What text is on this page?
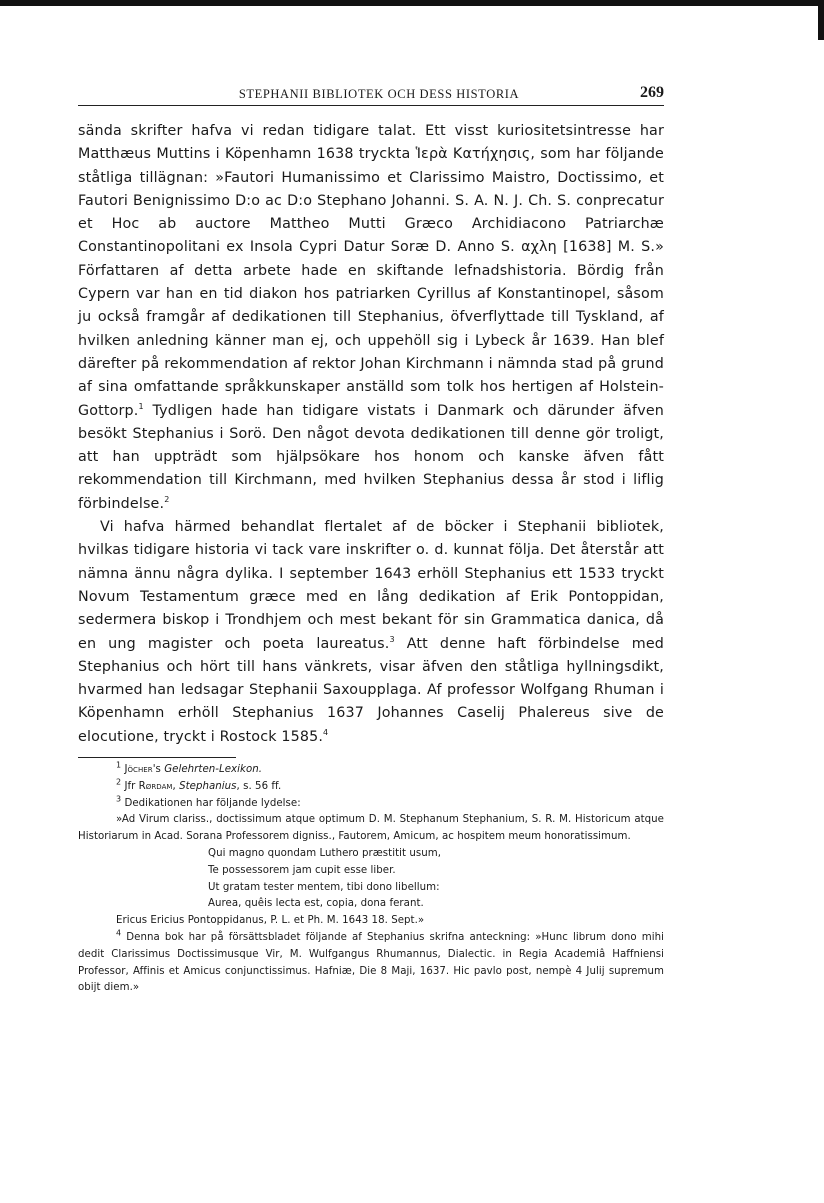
STEPHANII BIBLIOTEK OCH DESS HISTORIA	269

sända skrifter hafva vi redan tidigare talat. Ett visst kuriositetsintresse har Matthæus Muttins i Köpenhamn 1638 tryckta Ἱερὰ Κατήχησις, som har följande ståtliga tillägnan: »Fautori Humanissimo et Clarissimo Maistro, Doctissimo, et Fautori Benignissimo D:o ac D:o Stephano Johanni. S. A. N. J. Ch. S. conprecatur et Hoc ab auctore Mattheo Mutti Græco Archidiacono Patriarchæ Constantinopolitani ex Insola Cypri Datur Soræ D. Anno S. αχλη [1638] M. S.» Författaren af detta arbete hade en skiftande lefnadshistoria. Bördig från Cypern var han en tid diakon hos patriarken Cyrillus af Konstantinopel, såsom ju också framgår af dedikationen till Stephanius, öfverflyttade till Tyskland, af hvilken anledning känner man ej, och uppehöll sig i Lybeck år 1639. Han blef därefter på rekommendation af rektor Johan Kirchmann i nämnda stad på grund af sina omfattande språkkunskaper anställd som tolk hos hertigen af Holstein-Gottorp.$^1$ Tydligen hade han tidigare vistats i Danmark och därunder äfven besökt Stephanius i Sorö. Den något devota dedikationen till denne gör troligt, att han uppträdt som hjälpsökare hos honom och kanske äfven fått rekommendation till Kirchmann, med hvilken Stephanius dessa år stod i liflig förbindelse.$^2$

Vi hafva härmed behandlat flertalet af de böcker i Stephanii bibliotek, hvilkas tidigare historia vi tack vare inskrifter o. d. kunnat följa. Det återstår att nämna ännu några dylika. I september 1643 erhöll Stephanius ett 1533 tryckt Novum Testamentum græce med en lång dedikation af Erik Pontoppidan, sedermera biskop i Trondhjem och mest bekant för sin Grammatica danica, då en ung magister och poeta laureatus.$^3$ Att denne haft förbindelse med Stephanius och hört till hans vänkrets, visar äfven den ståtliga hyllningsdikt, hvarmed han ledsagar Stephanii Saxoupplaga. Af professor Wolfgang Rhuman i Köpenhamn erhöll Stephanius 1637 Johannes Caselij Phalereus sive de elocutione, tryckt i Rostock 1585.$^4$

$^1$ Jöcher's Gelehrten-Lexikon.

$^2$ Jfr Rørdam, Stephanius, s. 56 ff.

$^3$ Dedikationen har följande lydelse:

»Ad Virum clariss., doctissimum atque optimum D. M. Stephanum Stephanium, S. R. M. Historicum atque Historiarum in Acad. Sorana Professorem digniss., Fautorem, Amicum, ac hospitem meum honoratissimum.

Qui magno quondam Luthero præstitit usum,

Te possessorem jam cupit esse liber.

Ut gratam tester mentem, tibi dono libellum:

Aurea, quêis lecta est, copia, dona ferant.

Ericus Ericius Pontoppidanus, P. L. et Ph. M. 1643 18. Sept.»

$^4$ Denna bok har på försättsbladet följande af Stephanius skrifna anteckning: »Hunc librum dono mihi dedit Clarissimus Doctissimusque Vir, M. Wulfgangus Rhumannus, Dialectic. in Regia Academiâ Haffniensi Professor, Affinis et Amicus conjunctissimus. Hafniæ, Die 8 Maji, 1637. Hic pavlo post, nempè 4 Julij supremum obijt diem.»
